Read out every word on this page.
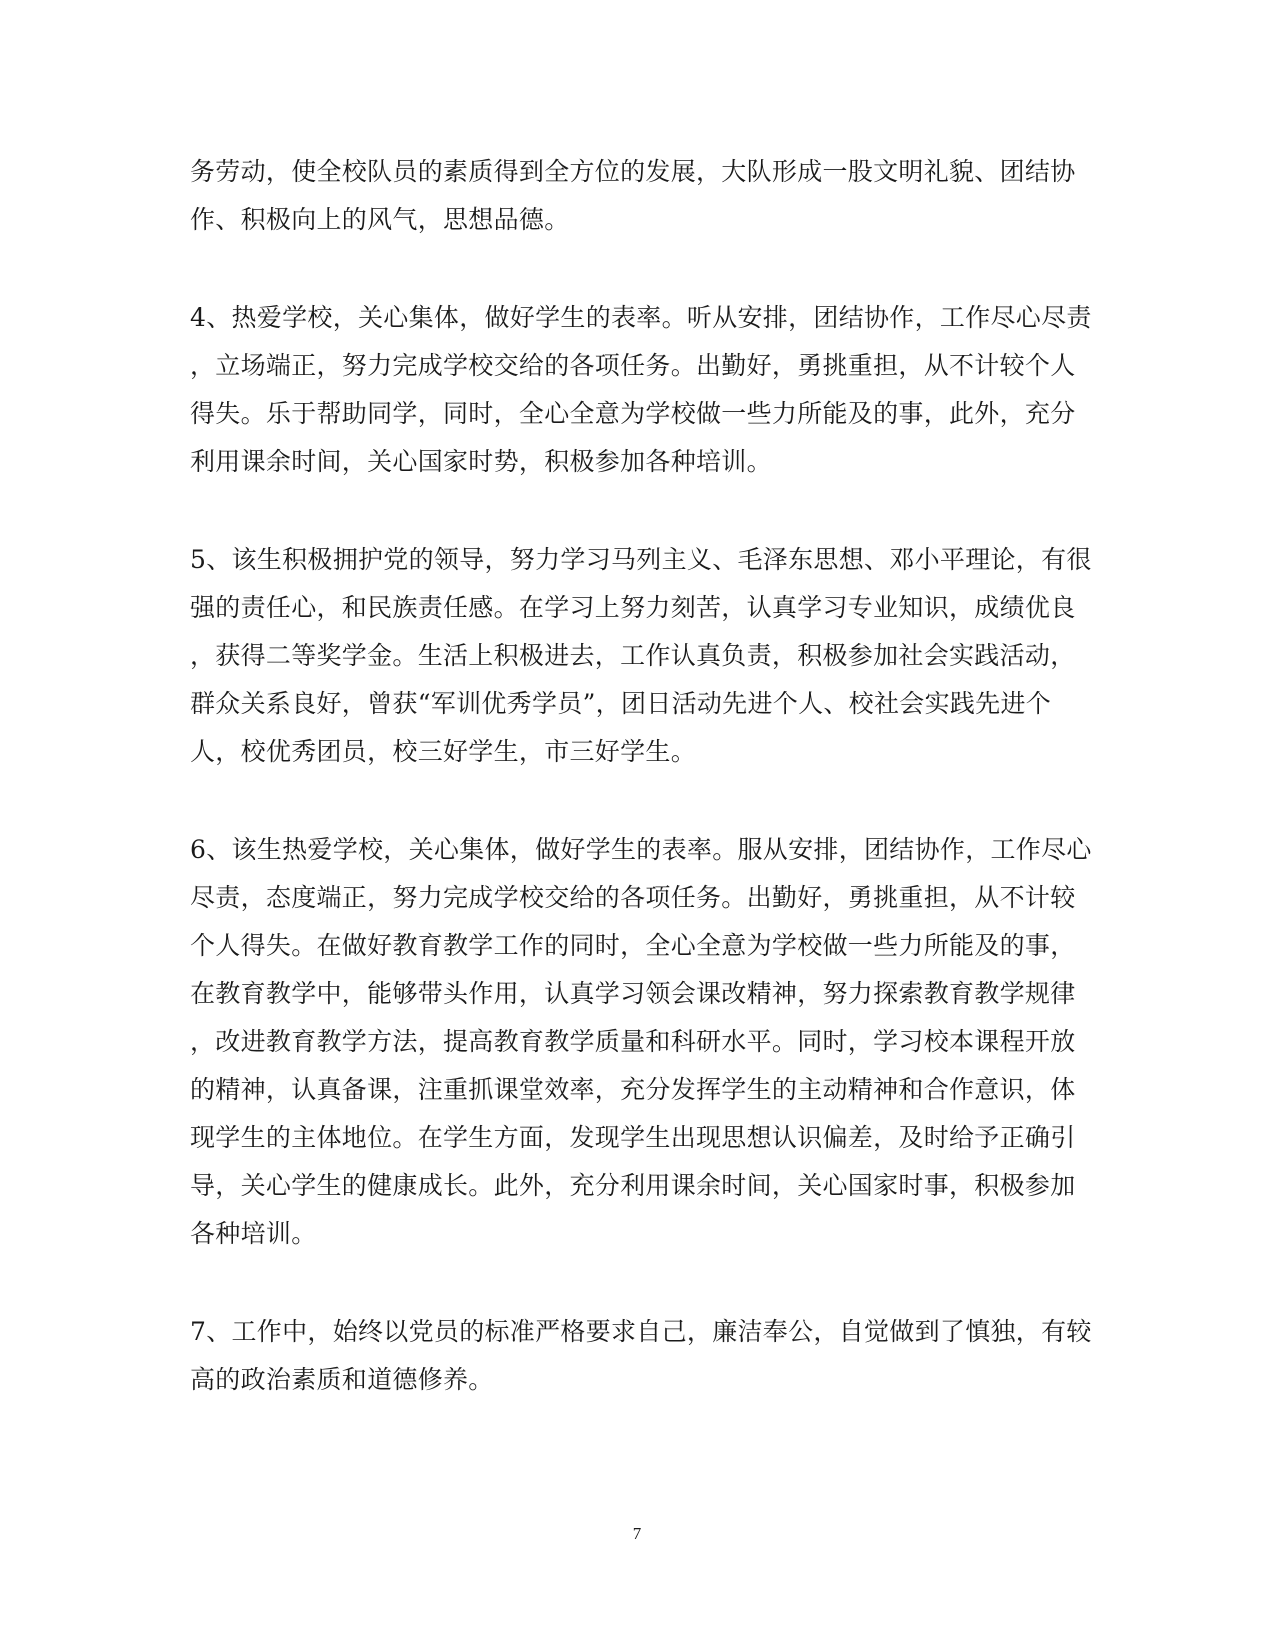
务劳动，使全校队员的素质得到全方位的发展，大队形成一股文明礼貌、团结协
作、积极向上的风气，思想品德。
4、热爱学校，关心集体，做好学生的表率。听从安排，团结协作，工作尽心尽责
，立场端正，努力完成学校交给的各项任务。出勤好，勇挑重担，从不计较个人
得失。乐于帮助同学，同时，全心全意为学校做一些力所能及的事，此外，充分
利用课余时间，关心国家时势，积极参加各种培训。
5、该生积极拥护党的领导，努力学习马列主义、毛泽东思想、邓小平理论，有很
强的责任心，和民族责任感。在学习上努力刻苦，认真学习专业知识，成绩优良
，获得二等奖学金。生活上积极进去，工作认真负责，积极参加社会实践活动，
群众关系良好，曾获“军训优秀学员”，团日活动先进个人、校社会实践先进个
人，校优秀团员，校三好学生，市三好学生。
6、该生热爱学校，关心集体，做好学生的表率。服从安排，团结协作，工作尽心
尽责，态度端正，努力完成学校交给的各项任务。出勤好，勇挑重担，从不计较
个人得失。在做好教育教学工作的同时，全心全意为学校做一些力所能及的事，
在教育教学中，能够带头作用，认真学习领会课改精神，努力探索教育教学规律
，改进教育教学方法，提高教育教学质量和科研水平。同时，学习校本课程开放
的精神，认真备课，注重抓课堂效率，充分发挥学生的主动精神和合作意识，体
现学生的主体地位。在学生方面，发现学生出现思想认识偏差，及时给予正确引
导，关心学生的健康成长。此外，充分利用课余时间，关心国家时事，积极参加
各种培训。
7、工作中，始终以党员的标准严格要求自己，廉洁奉公，自觉做到了慎独，有较
高的政治素质和道德修养。
7
